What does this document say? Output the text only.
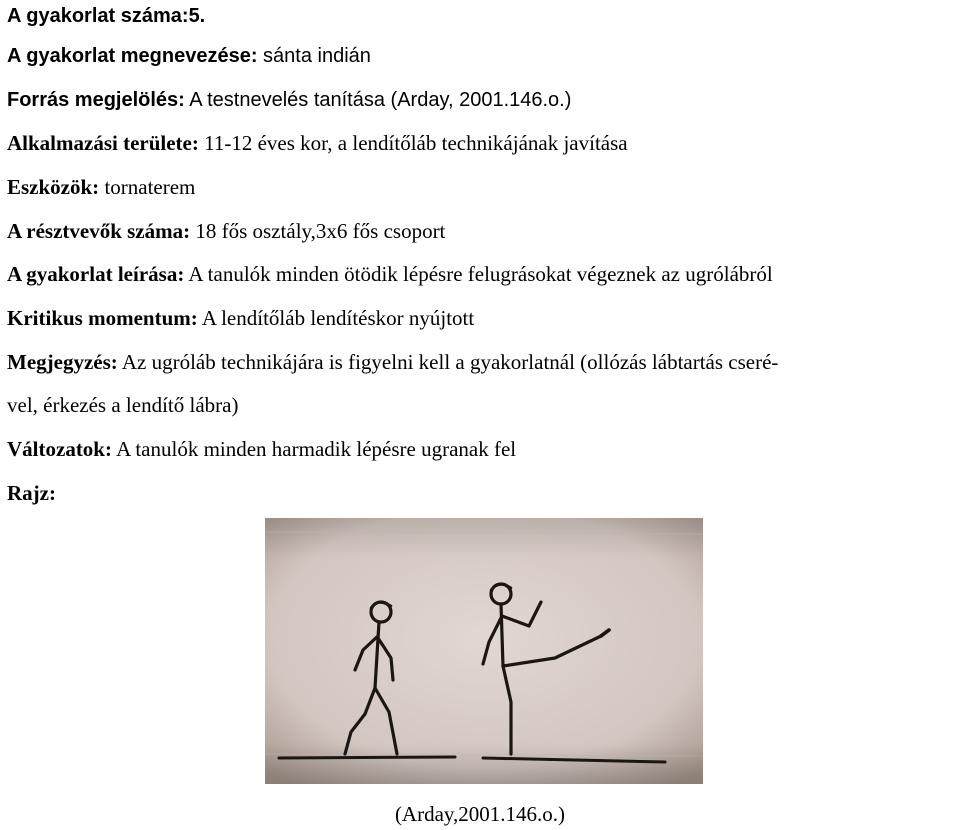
A gyakorlat száma:5.
A gyakorlat megnevezése: sánta indián
Forrás megjelölés: A testnevelés tanítása (Arday, 2001.146.o.)
Alkalmazási területe: 11-12 éves kor, a lendítőláb technikájának javítása
Eszközök: tornaterem
A résztvevők száma: 18 fős osztály,3x6 fős csoport
A gyakorlat leírása: A tanulók minden ötödik lépésre felugrásokat végeznek az ugrólábról
Kritikus momentum: A lendítőláb lendítéskor nyújtott
Megjegyzés: Az ugróláb technikájára is figyelni kell a gyakorlatnál (ollózás lábtartás cseré-
vel, érkezés a lendítő lábra)
Változatok: A tanulók minden harmadik lépésre ugranak fel
Rajz:
(Arday,2001.146.o.)
